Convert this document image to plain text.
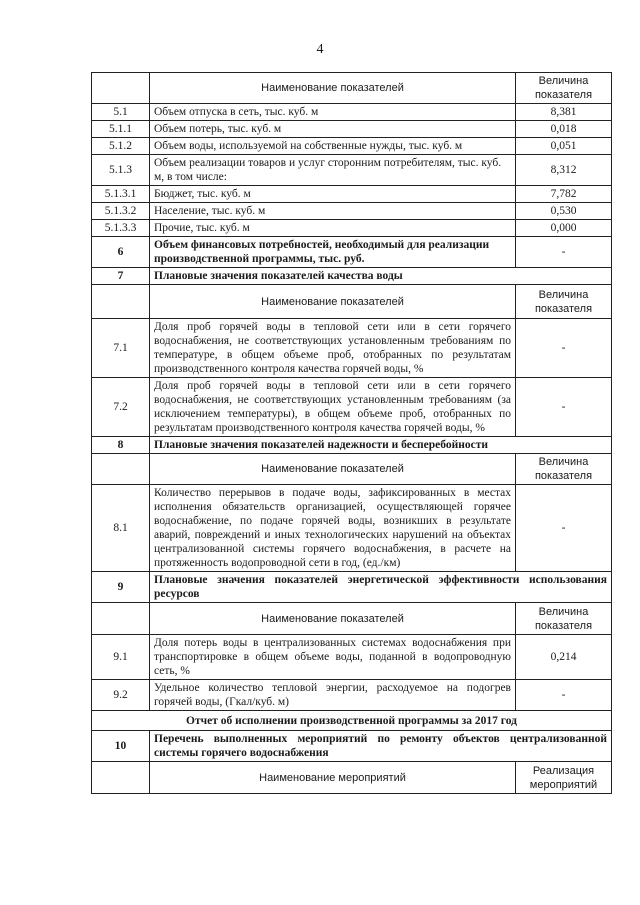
4
	Наименование показателей	Величина показателя
5.1	Объем отпуска в сеть, тыс. куб. м	8,381
5.1.1	Объем потерь, тыс. куб. м	0,018
5.1.2	Объем воды, используемой на собственные нужды, тыс. куб. м	0,051
5.1.3	Объем реализации товаров и услуг сторонним потребителям, тыс. куб. м, в том числе:	8,312
5.1.3.1	Бюджет, тыс. куб. м	7,782
5.1.3.2	Население, тыс. куб. м	0,530
5.1.3.3	Прочие, тыс. куб. м	0,000
6	Объем финансовых потребностей, необходимый для реализации производственной программы, тыс. руб.	-
7	Плановые значения показателей качества воды	
	Наименование показателей	Величина показателя
7.1	Доля проб горячей воды в тепловой сети или в сети горячего водоснабжения, не соответствующих установленным требованиям по температуре, в общем объеме проб, отобранных по результатам производственного контроля качества горячей воды, %	-
7.2	Доля проб горячей воды в тепловой сети или в сети горячего водоснабжения, не соответствующих установленным требованиям (за исключением температуры), в общем объеме проб, отобранных по результатам производственного контроля качества горячей воды, %	-
8	Плановые значения показателей надежности и бесперебойности	
	Наименование показателей	Величина показателя
8.1	Количество перерывов в подаче воды, зафиксированных в местах исполнения обязательств организацией, осуществляющей горячее водоснабжение, по подаче горячей воды, возникших в результате аварий, повреждений и иных технологических нарушений на объектах централизованной системы горячего водоснабжения, в расчете на протяженность водопроводной сети в год, (ед./км)	-
9	Плановые значения показателей энергетической эффективности использования ресурсов	
	Наименование показателей	Величина показателя
9.1	Доля потерь воды в централизованных системах водоснабжения при транспортировке в общем объеме воды, поданной в водопроводную сеть, %	0,214
9.2	Удельное количество тепловой энергии, расходуемое на подогрев горячей воды, (Гкал/куб. м)	-
Отчет об исполнении производственной программы за 2017 год		
10	Перечень выполненных мероприятий по ремонту объектов централизованной системы горячего водоснабжения	
	Наименование мероприятий	Реализация мероприятий
